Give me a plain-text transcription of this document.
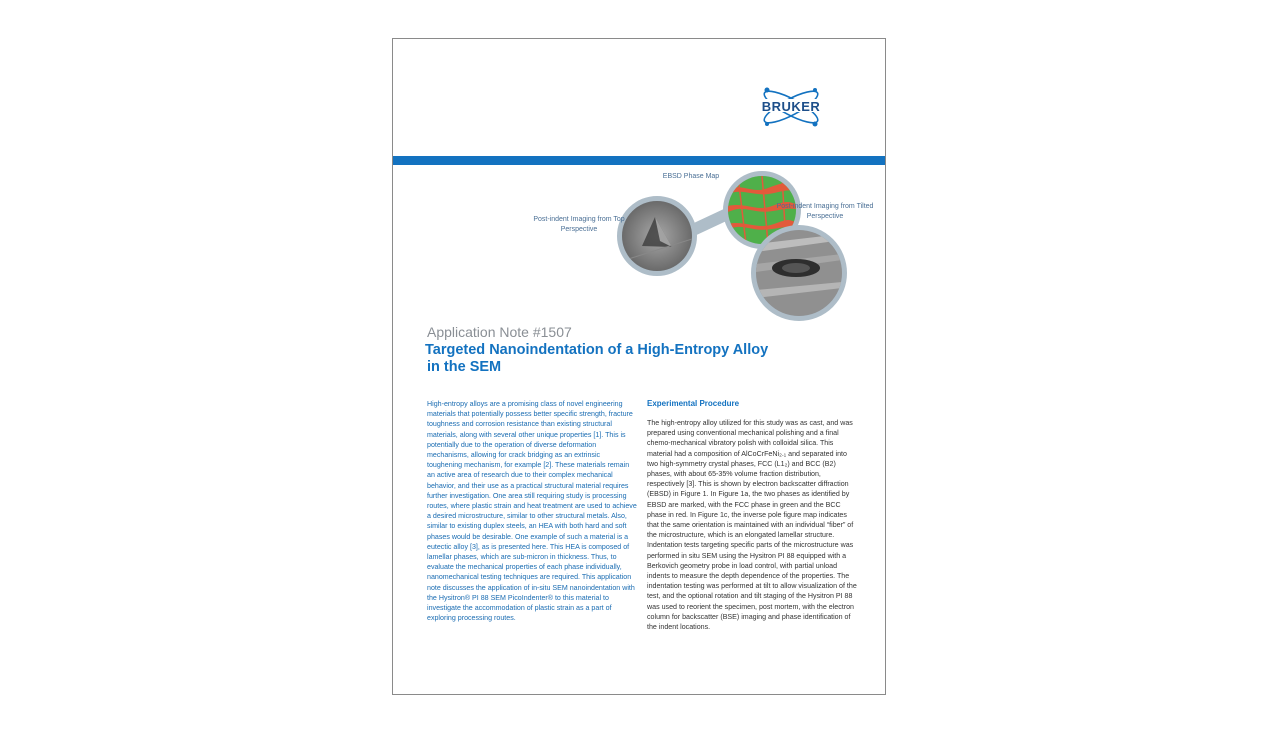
BRUKER
Post-indent Imaging from Top Perspective
EBSD Phase Map
Post-indent Imaging from Tilted Perspective
Application Note #1507
Targeted Nanoindentation of a High-Entropy Alloy
in the SEM
High-entropy alloys are a promising class of novel engineering materials that potentially possess better specific strength, fracture toughness and corrosion resistance than existing structural materials, along with several other unique properties [1]. This is potentially due to the operation of diverse deformation mechanisms, allowing for crack bridging as an extrinsic toughening mechanism, for example [2]. These materials remain an active area of research due to their complex mechanical behavior, and their use as a practical structural material requires further investigation. One area still requiring study is processing routes, where plastic strain and heat treatment are used to achieve a desired microstructure, similar to other structural metals. Also, similar to existing duplex steels, an HEA with both hard and soft phases would be desirable. One example of such a material is a eutectic alloy [3], as is presented here. This HEA is composed of lamellar phases, which are sub-micron in thickness. Thus, to evaluate the mechanical properties of each phase individually, nanomechanical testing techniques are required. This application note discusses the application of in-situ SEM nanoindentation with the Hysitron® PI 88 SEM PicoIndenter® to this material to investigate the accommodation of plastic strain as a part of exploring processing routes.
Experimental Procedure
The high-entropy alloy utilized for this study was as cast, and was prepared using conventional mechanical polishing and a final chemo-mechanical vibratory polish with colloidal silica. This material had a composition of AlCoCrFeNi₂.₁ and separated into two high-symmetry crystal phases, FCC (L1₂) and BCC (B2) phases, with about 65-35% volume fraction distribution, respectively [3]. This is shown by electron backscatter diffraction (EBSD) in Figure 1. In Figure 1a, the two phases as identified by EBSD are marked, with the FCC phase in green and the BCC phase in red. In Figure 1c, the inverse pole figure map indicates that the same orientation is maintained with an individual “fiber” of the microstructure, which is an elongated lamellar structure. Indentation tests targeting specific parts of the microstructure was performed in situ SEM using the Hysitron PI 88 equipped with a Berkovich geometry probe in load control, with partial unload indents to measure the depth dependence of the properties. The indentation testing was performed at tilt to allow visualization of the test, and the optional rotation and tilt staging of the Hysitron PI 88 was used to reorient the specimen, post mortem, with the electron column for backscatter (BSE) imaging and phase identification of the indent locations.
